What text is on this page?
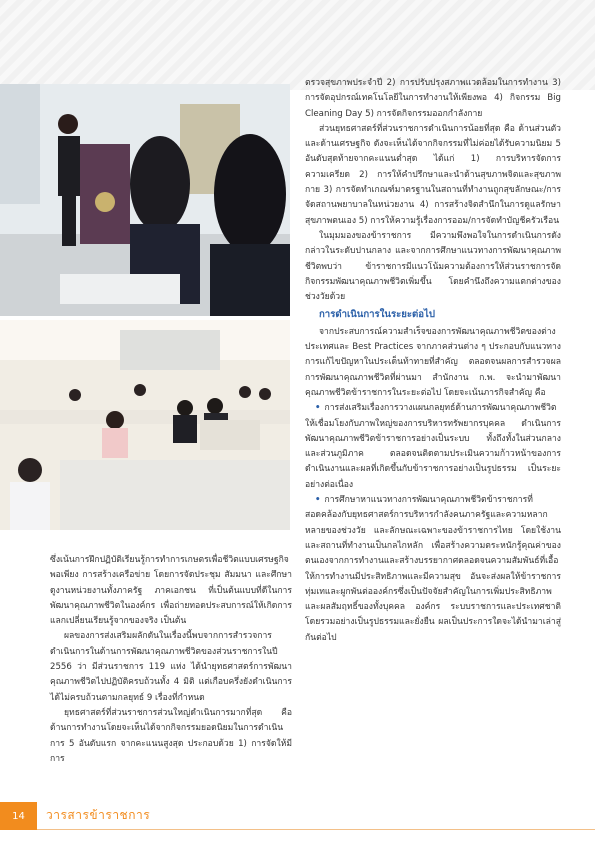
ซึ่งเน้นการฝึกปฏิบัติเรียนรู้การทำการเกษตรเพื่อชีวิตแบบเศรษฐกิจพอเพียง การสร้างเครือข่าย โดยการจัดประชุม สัมมนา และศึกษาดูงานหน่วยงานทั้งภาครัฐ ภาคเอกชน ที่เป็นต้นแบบที่ดีในการพัฒนาคุณภาพชีวิตในองค์กร เพื่อถ่ายทอดประสบการณ์ให้เกิดการแลกเปลี่ยนเรียนรู้จากของจริง เป็นต้น

ผลของการส่งเสริมผลักดันในเรื่องนี้พบจากการสำรวจการดำเนินการในด้านการพัฒนาคุณภาพชีวิตของส่วนราชการในปี 2556 ว่า มีส่วนราชการ 119 แห่ง ได้นำยุทธศาสตร์การพัฒนาคุณภาพชีวิตไปปฏิบัติครบถ้วนทั้ง 4 มิติ แต่เกือบครึ่งยังดำเนินการได้ไม่ครบถ้วนตามกลยุทธ์ 9 เรื่องที่กำหนด

ยุทธศาสตร์ที่ส่วนราชการส่วนใหญ่ดำเนินการมากที่สุด คือ ด้านการทำงานโดยจะเห็นได้จากกิจกรรมยอดนิยมในการดำเนินการ 5 อันดับแรก จากคะแนนสูงสุด ประกอบด้วย 1) การจัดให้มีการ

ตรวจสุขภาพประจำปี 2) การปรับปรุงสภาพแวดล้อมในการทำงาน 3) การจัดอุปกรณ์เทคโนโลยีในการทำงานให้เพียงพอ 4) กิจกรรม Big Cleaning Day 5) การจัดกิจกรรมออกกำลังกาย

ส่วนยุทธศาสตร์ที่ส่วนราชการดำเนินการน้อยที่สุด คือ ด้านส่วนตัวและด้านเศรษฐกิจ ดังจะเห็นได้จากกิจกรรมที่ไม่ค่อยได้รับความนิยม 5 อันดับสุดท้ายจากคะแนนต่ำสุด ได้แก่ 1) การบริหารจัดการความเครียด 2) การให้คำปรึกษาและนำด้านสุขภาพจิตและสุขภาพกาย 3) การจัดทำเกณฑ์มาตรฐานในสถานที่ทำงานถูกสุขลักษณะ/การจัดสถานพยาบาลในหน่วยงาน 4) การสร้างจิตสำนึกในการดูแลรักษาสุขภาพตนเอง 5) การให้ความรู้เรื่องการออม/การจัดทำบัญชีครัวเรือน

ในมุมมองของข้าราชการ มีความพึงพอใจในการดำเนินการดังกล่าวในระดับปานกลาง และจากการศึกษาแนวทางการพัฒนาคุณภาพชีวิตพบว่า ข้าราชการมีแนวโน้มความต้องการให้ส่วนราชการจัดกิจกรรมพัฒนาคุณภาพชีวิตเพิ่มขึ้น โดยคำนึงถึงความแตกต่างของช่วงวัยด้วย

การดำเนินการในระยะต่อไป

จากประสบการณ์ความสำเร็จของการพัฒนาคุณภาพชีวิตของต่างประเทศและ Best Practices จากภาคส่วนต่าง ๆ ประกอบกับแนวทางการแก้ไขปัญหาในประเด็นท้าทายที่สำคัญ ตลอดจนผลการสำรวจผลการพัฒนาคุณภาพชีวิตที่ผ่านมา สำนักงาน ก.พ. จะนำมาพัฒนาคุณภาพชีวิตข้าราชการในระยะต่อไป โดยจะเน้นภารกิจสำคัญ คือ

• การส่งเสริมเรื่องการวางแผนกลยุทธ์ด้านการพัฒนาคุณภาพชีวิตให้เชื่อมโยงกับภาพใหญ่ของการบริหารทรัพยากรบุคคล ดำเนินการพัฒนาคุณภาพชีวิตข้าราชการอย่างเป็นระบบ ทั้งถึงทั้งในส่วนกลางและส่วนภูมิภาค ตลอดจนติดตามประเมินความก้าวหน้าของการดำเนินงานและผลที่เกิดขึ้นกับข้าราชการอย่างเป็นรูปธรรม เป็นระยะอย่างต่อเนื่อง

• การศึกษาหาแนวทางการพัฒนาคุณภาพชีวิตข้าราชการที่สอดคล้องกับยุทธศาสตร์การบริหารกำลังคนภาครัฐและความหลากหลายของช่วงวัย และลักษณะเฉพาะของข้าราชการไทย โดยใช้งานและสถานที่ทำงานเป็นกลไกหลัก เพื่อสร้างความตระหนักรู้คุณค่าของตนเองจากการทำงานและสร้างบรรยากาศตลอดจนความสัมพันธ์ที่เอื้อให้การทำงานมีประสิทธิภาพและมีความสุข อันจะส่งผลให้ข้าราชการทุ่มเทและผูกพันต่อองค์กรซึ่งเป็นปัจจัยสำคัญในการเพิ่มประสิทธิภาพและผลสัมฤทธิ์ของทั้งบุคคล องค์กร ระบบราชการและประเทศชาติโดยรวมอย่างเป็นรูปธรรมและยั่งยืน ผลเป็นประการใดจะได้นำมาเล่าสู่กันต่อไป

14	วารสารข้าราชการ
